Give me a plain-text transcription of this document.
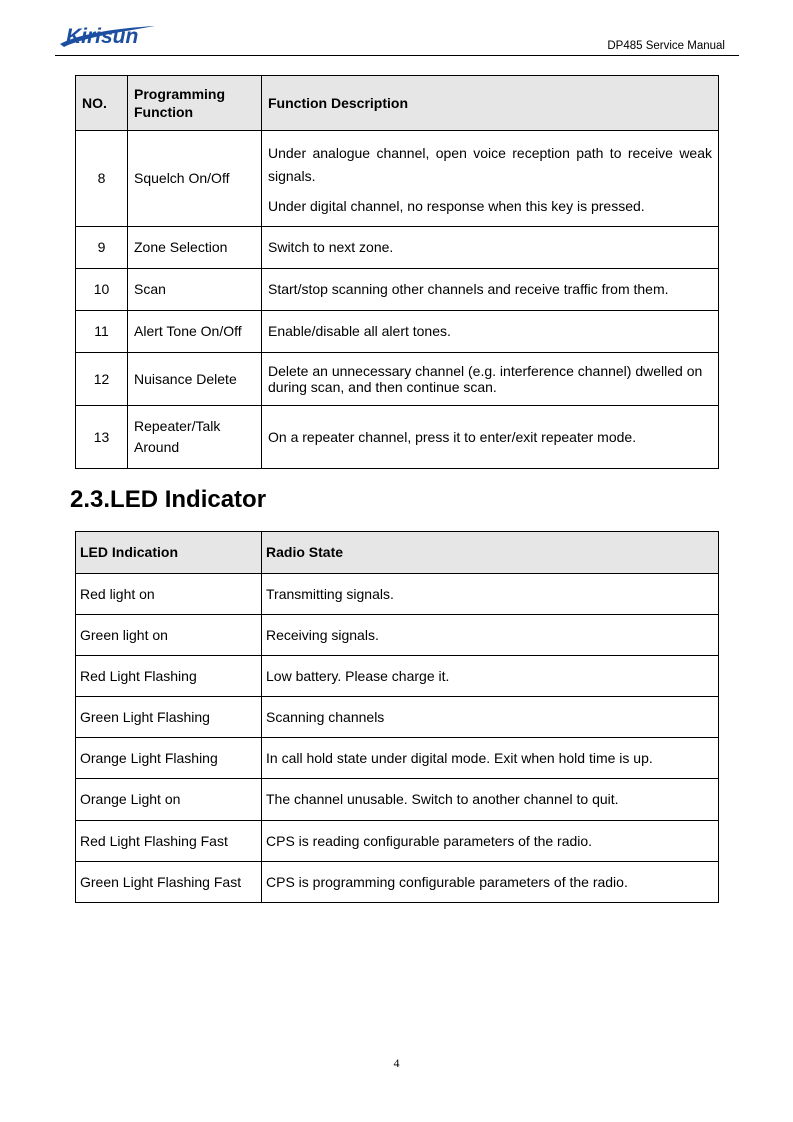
Kirisun	DP485 Service Manual
NO.	Programming Function	Function Description
8	Squelch On/Off	Under analogue channel, open voice reception path to receive weak signals.

Under digital channel, no response when this key is pressed.

9	Zone Selection	Switch to next zone.
10	Scan	Start/stop scanning other channels and receive traffic from them.
11	Alert Tone On/Off	Enable/disable all alert tones.
12	Nuisance Delete	Delete an unnecessary channel (e.g. interference channel) dwelled on during scan, and then continue scan.
13	Repeater/Talk Around	On a repeater channel, press it to enter/exit repeater mode.
2.3.LED Indicator
LED Indication	Radio State
Red light on	Transmitting signals.
Green light on	Receiving signals.
Red Light Flashing	Low battery. Please charge it.
Green Light Flashing	Scanning channels
Orange Light Flashing	In call hold state under digital mode. Exit when hold time is up.
Orange Light on	The channel unusable. Switch to another channel to quit.
Red Light Flashing Fast	CPS is reading configurable parameters of the radio.
Green Light Flashing Fast	CPS is programming configurable parameters of the radio.
4
